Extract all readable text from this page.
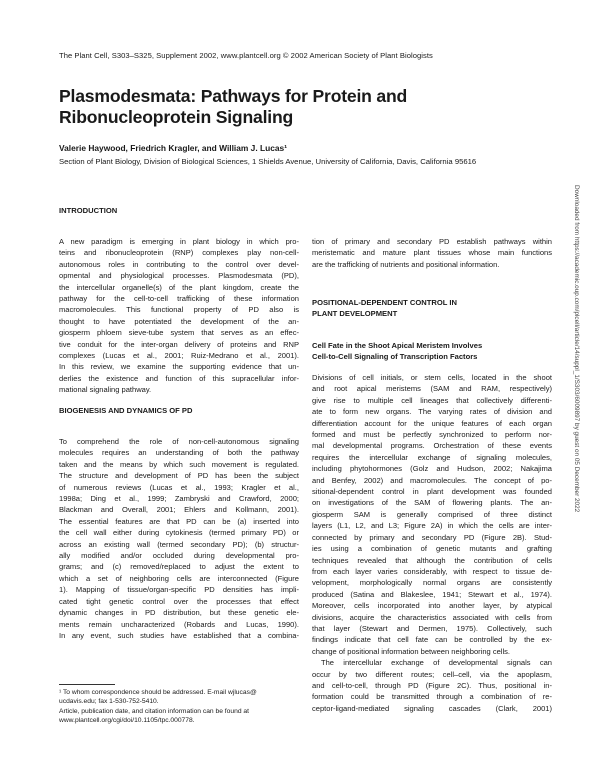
The Plant Cell, S303–S325, Supplement 2002, www.plantcell.org © 2002 American Society of Plant Biologists
Plasmodesmata: Pathways for Protein and
Ribonucleoprotein Signaling
Valerie Haywood, Friedrich Kragler, and William J. Lucas¹
Section of Plant Biology, Division of Biological Sciences, 1 Shields Avenue, University of California, Davis, California 95616
INTRODUCTION
A new paradigm is emerging in plant biology in which pro-
teins and ribonucleoprotein (RNP) complexes play non-cell-
autonomous roles in contributing to the control over devel-
opmental and physiological processes. Plasmodesmata (PD),
the intercellular organelle(s) of the plant kingdom, create the
pathway for the cell-to-cell trafficking of these information
macromolecules. This functional property of PD also is
thought to have potentiated the development of the an-
giosperm phloem sieve-tube system that serves as an effec-
tive conduit for the inter-organ delivery of proteins and RNP
complexes (Lucas et al., 2001; Ruiz-Medrano et al., 2001).
In this review, we examine the supporting evidence that un-
derlies the existence and function of this supracellular infor-
mational signaling pathway.
BIOGENESIS AND DYNAMICS OF PD
To comprehend the role of non-cell-autonomous signaling
molecules requires an understanding of both the pathway
taken and the means by which such movement is regulated.
The structure and development of PD has been the subject
of numerous reviews (Lucas et al., 1993; Kragler et al.,
1998a; Ding et al., 1999; Zambryski and Crawford, 2000;
Blackman and Overall, 2001; Ehlers and Kollmann, 2001).
The essential features are that PD can be (a) inserted into
the cell wall either during cytokinesis (termed primary PD) or
across an existing wall (termed secondary PD); (b) structur-
ally modified and/or occluded during developmental pro-
grams; and (c) removed/replaced to adjust the extent to
which a set of neighboring cells are interconnected (Figure
1). Mapping of tissue/organ-specific PD densities has impli-
cated tight genetic control over the processes that effect
dynamic changes in PD distribution, but these genetic ele-
ments remain uncharacterized (Robards and Lucas, 1990).
In any event, such studies have established that a combina-
¹ To whom correspondence should be addressed. E-mail wjlucas@
ucdavis.edu; fax 1-530-752-5410.
Article, publication date, and citation information can be found at
www.plantcell.org/cgi/doi/10.1105/tpc.000778.
tion of primary and secondary PD establish pathways within
meristematic and mature plant tissues whose main functions
are the trafficking of nutrients and positional information.
POSITIONAL-DEPENDENT CONTROL IN
PLANT DEVELOPMENT
Cell Fate in the Shoot Apical Meristem Involves
Cell-to-Cell Signaling of Transcription Factors
Divisions of cell initials, or stem cells, located in the shoot
and root apical meristems (SAM and RAM, respectively)
give rise to multiple cell lineages that collectively differenti-
ate to form new organs. The varying rates of division and
differentiation account for the unique features of each organ
formed and must be perfectly synchronized to perform nor-
mal developmental programs. Orchestration of these events
requires the intercellular exchange of signaling molecules,
including phytohormones (Golz and Hudson, 2002; Nakajima
and Benfey, 2002) and macromolecules. The concept of po-
sitional-dependent control in plant development was founded
on investigations of the SAM of flowering plants. The an-
giosperm SAM is generally comprised of three distinct
layers (L1, L2, and L3; Figure 2A) in which the cells are inter-
connected by primary and secondary PD (Figure 2B). Stud-
ies using a combination of genetic mutants and grafting
techniques revealed that although the contribution of cells
from each layer varies considerably, with respect to tissue de-
velopment, morphologically normal organs are consistently
produced (Satina and Blakeslee, 1941; Stewart et al., 1974).
Moreover, cells incorporated into another layer, by atypical
divisions, acquire the characteristics associated with cells from
that layer (Stewart and Dermen, 1975). Collectively, such
findings indicate that cell fate can be controlled by the ex-
change of positional information between neighboring cells.
The intercellular exchange of developmental signals can
occur by two different routes; cell–cell, via the apoplasm,
and cell-to-cell, through PD (Figure 2C). Thus, positional in-
formation could be transmitted through a combination of re-
ceptor-ligand-mediated signaling cascades (Clark, 2001)
Downloaded from https://academic.oup.com/plcell/article/14/suppl_1/S303/6009897 by guest on 05 December 2022
